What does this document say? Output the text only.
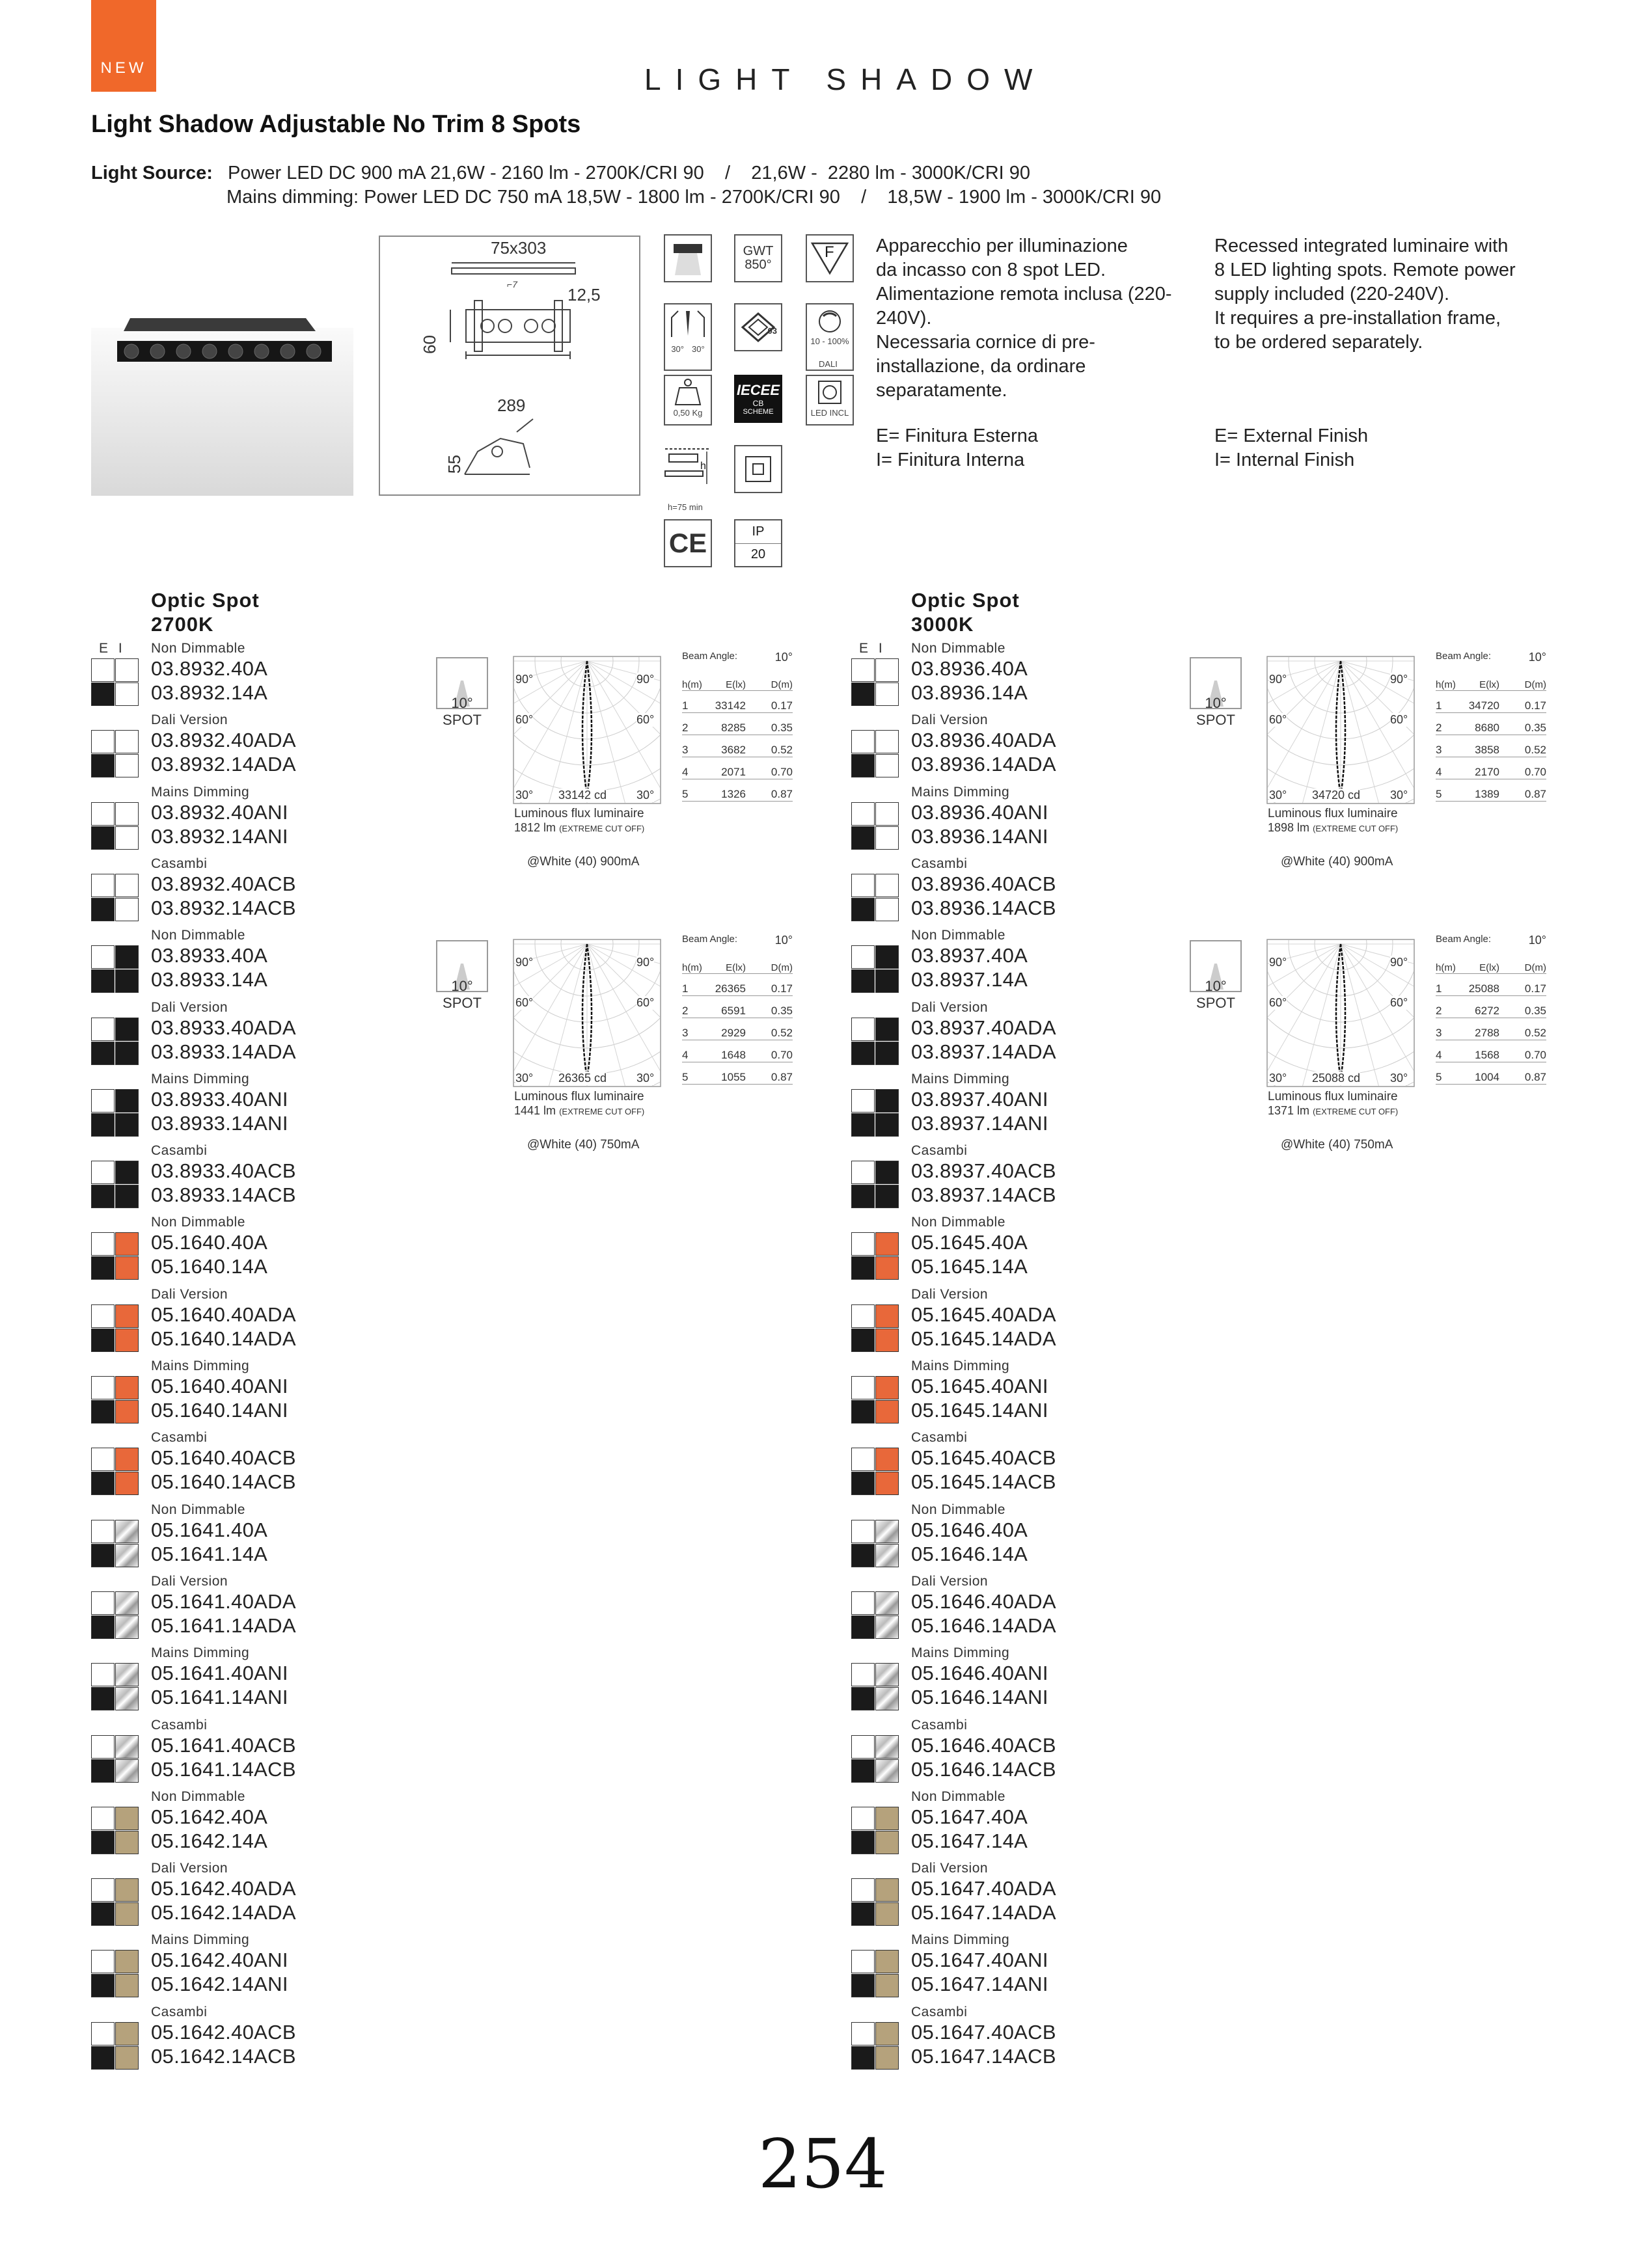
NEW	LIGHT SHADOW
Light Shadow Adjustable No Trim 8 Spots
Light Source: Power LED DC 900 mA 21,6W - 2160 lm - 2700K/CRI 90    /    21,6W -  2280 lm - 3000K/CRI 90
Mains dimming: Power LED DC 750 mA 18,5W - 1800 lm - 2700K/CRI 90    /    18,5W - 1900 lm - 3000K/CRI 90
75x303
12,5
60
289
55
⌐7
GWT
850°
F
30° 30°
03
10 - 100%
DALI
0,50 Kg
IECEE
CB
SCHEME	LED INCL
h
h=75 min
CE	IP
20
Apparecchio per illuminazione
da incasso con 8 spot LED.
Alimentazione remota inclusa (220-
240V).
Necessaria cornice di pre-
installazione, da ordinare
separatamente.
E= Finitura Esterna
I= Finitura Interna
Recessed integrated luminaire with
8 LED lighting spots. Remote power
supply included (220-240V).
It requires a pre-installation frame,
to be ordered separately.
E= External Finish
I= Internal Finish
Optic Spot
2700K
E I Non Dimmable
03.8932.40A
03.8932.14A
Dali Version
03.8932.40ADA
03.8932.14ADA
Mains Dimming
03.8932.40ANI
03.8932.14ANI
Casambi
03.8932.40ACB
03.8932.14ACB
Non Dimmable
03.8933.40A
03.8933.14A
Dali Version
03.8933.40ADA
03.8933.14ADA
Mains Dimming
03.8933.40ANI
03.8933.14ANI
Casambi
03.8933.40ACB
03.8933.14ACB
Non Dimmable
05.1640.40A
05.1640.14A
Dali Version
05.1640.40ADA
05.1640.14ADA
Mains Dimming
05.1640.40ANI
05.1640.14ANI
Casambi
05.1640.40ACB
05.1640.14ACB
Non Dimmable
05.1641.40A
05.1641.14A
Dali Version
05.1641.40ADA
05.1641.14ADA
Mains Dimming
05.1641.40ANI
05.1641.14ANI
Casambi
05.1641.40ACB
05.1641.14ACB
Non Dimmable
05.1642.40A
05.1642.14A
Dali Version
05.1642.40ADA
05.1642.14ADA
Mains Dimming
05.1642.40ANI
05.1642.14ANI
Casambi
05.1642.40ACB
05.1642.14ACB
10°
SPOT
90°	90°
60°	60°
30°	30°
33142 cd
Luminous flux luminaire
1812 lm (EXTREME CUT OFF)
@White (40) 900mA
Beam Angle:	10°
h(m)	E(lx)	D(m)
1	33142	0.17
2	8285	0.35
3	3682	0.52
4	2071	0.70
5	1326	0.87
10°
SPOT
90°	90°
60°	60°
30°	30°
26365 cd
Luminous flux luminaire
1441 lm (EXTREME CUT OFF)
@White (40) 750mA
Beam Angle:	10°
h(m)	E(lx)	D(m)
1	26365	0.17
2	6591	0.35
3	2929	0.52
4	1648	0.70
5	1055	0.87
Optic Spot
3000K
E I Non Dimmable
03.8936.40A
03.8936.14A
Dali Version
03.8936.40ADA
03.8936.14ADA
Mains Dimming
03.8936.40ANI
03.8936.14ANI
Casambi
03.8936.40ACB
03.8936.14ACB
Non Dimmable
03.8937.40A
03.8937.14A
Dali Version
03.8937.40ADA
03.8937.14ADA
Mains Dimming
03.8937.40ANI
03.8937.14ANI
Casambi
03.8937.40ACB
03.8937.14ACB
Non Dimmable
05.1645.40A
05.1645.14A
Dali Version
05.1645.40ADA
05.1645.14ADA
Mains Dimming
05.1645.40ANI
05.1645.14ANI
Casambi
05.1645.40ACB
05.1645.14ACB
Non Dimmable
05.1646.40A
05.1646.14A
Dali Version
05.1646.40ADA
05.1646.14ADA
Mains Dimming
05.1646.40ANI
05.1646.14ANI
Casambi
05.1646.40ACB
05.1646.14ACB
Non Dimmable
05.1647.40A
05.1647.14A
Dali Version
05.1647.40ADA
05.1647.14ADA
Mains Dimming
05.1647.40ANI
05.1647.14ANI
Casambi
05.1647.40ACB
05.1647.14ACB
10°
SPOT
90°	90°
60°	60°
30°	30°
34720 cd
Luminous flux luminaire
1898 lm (EXTREME CUT OFF)
@White (40) 900mA
Beam Angle:	10°
h(m)	E(lx)	D(m)
1	34720	0.17
2	8680	0.35
3	3858	0.52
4	2170	0.70
5	1389	0.87
10°
SPOT
90°	90°
60°	60°
30°	30°
25088 cd
Luminous flux luminaire
1371 lm (EXTREME CUT OFF)
@White (40) 750mA
Beam Angle:	10°
h(m)	E(lx)	D(m)
1	25088	0.17
2	6272	0.35
3	2788	0.52
4	1568	0.70
5	1004	0.87
254
